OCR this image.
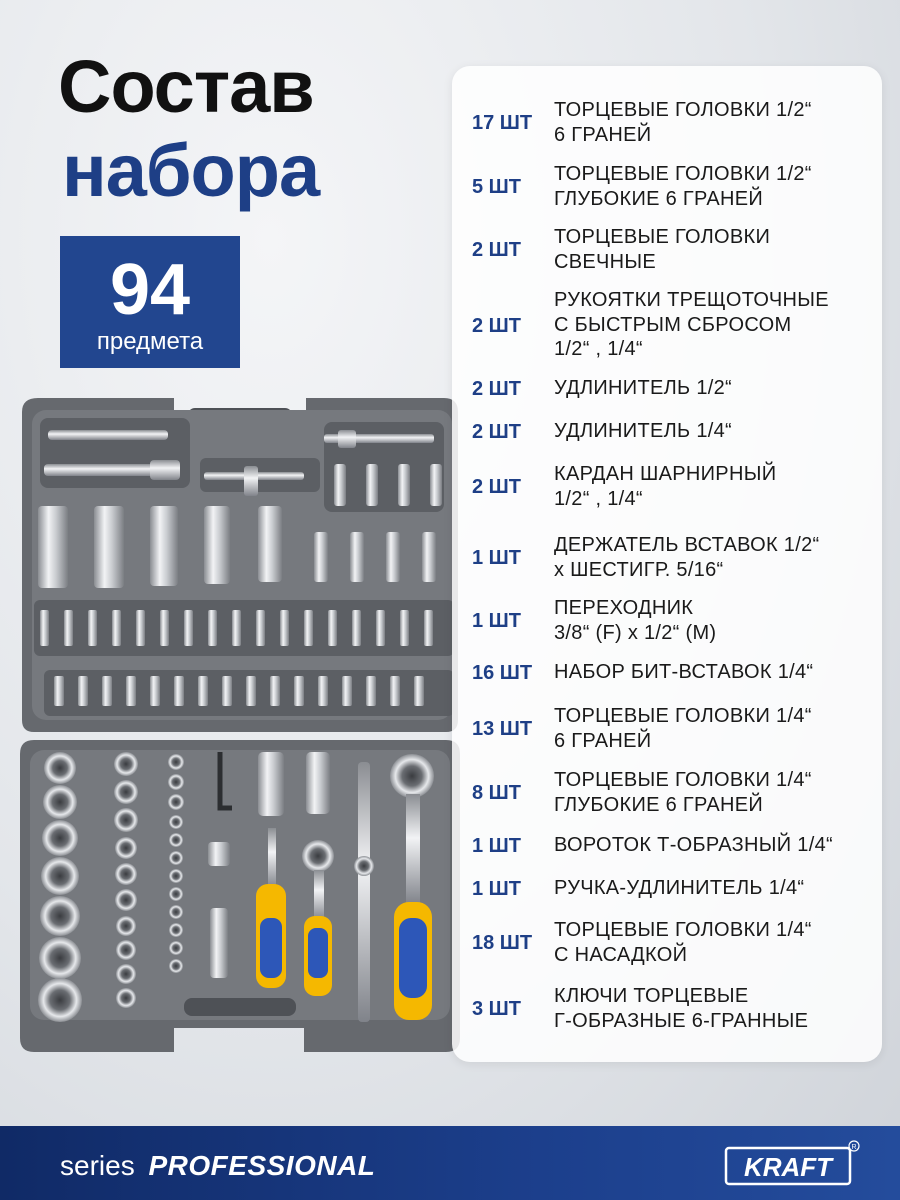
Состав
набора
94
предмета
17 ШТ
ТОРЦЕВЫЕ ГОЛОВКИ 1/2“
6 ГРАНЕЙ
5 ШТ
ТОРЦЕВЫЕ ГОЛОВКИ 1/2“
ГЛУБОКИЕ 6 ГРАНЕЙ
2 ШТ
ТОРЦЕВЫЕ ГОЛОВКИ
СВЕЧНЫЕ
2 ШТ
РУКОЯТКИ ТРЕЩОТОЧНЫЕ
С БЫСТРЫМ СБРОСОМ
1/2“ , 1/4“
2 ШТ УДЛИНИТЕЛЬ 1/2“
2 ШТ УДЛИНИТЕЛЬ 1/4“
2 ШТ
КАРДАН ШАРНИРНЫЙ
1/2“ , 1/4“
1 ШТ
ДЕРЖАТЕЛЬ ВСТАВОК 1/2“
х ШЕСТИГР. 5/16“
1 ШТ
ПЕРЕХОДНИК
3/8“ (F) х 1/2“ (M)
16 ШТ НАБОР БИТ-ВСТАВОК 1/4“
13 ШТ
ТОРЦЕВЫЕ ГОЛОВКИ 1/4“
6 ГРАНЕЙ
8 ШТ
ТОРЦЕВЫЕ ГОЛОВКИ 1/4“
ГЛУБОКИЕ 6 ГРАНЕЙ
1 ШТ ВОРОТОК Т-ОБРАЗНЫЙ 1/4“
1 ШТ РУЧКА-УДЛИНИТЕЛЬ 1/4“
18 ШТ
ТОРЦЕВЫЕ ГОЛОВКИ 1/4“
С НАСАДКОЙ
3 ШТ
КЛЮЧИ ТОРЦЕВЫЕ
Г-ОБРАЗНЫЕ 6-ГРАННЫЕ
series PROFESSIONAL	KRAFT
R
